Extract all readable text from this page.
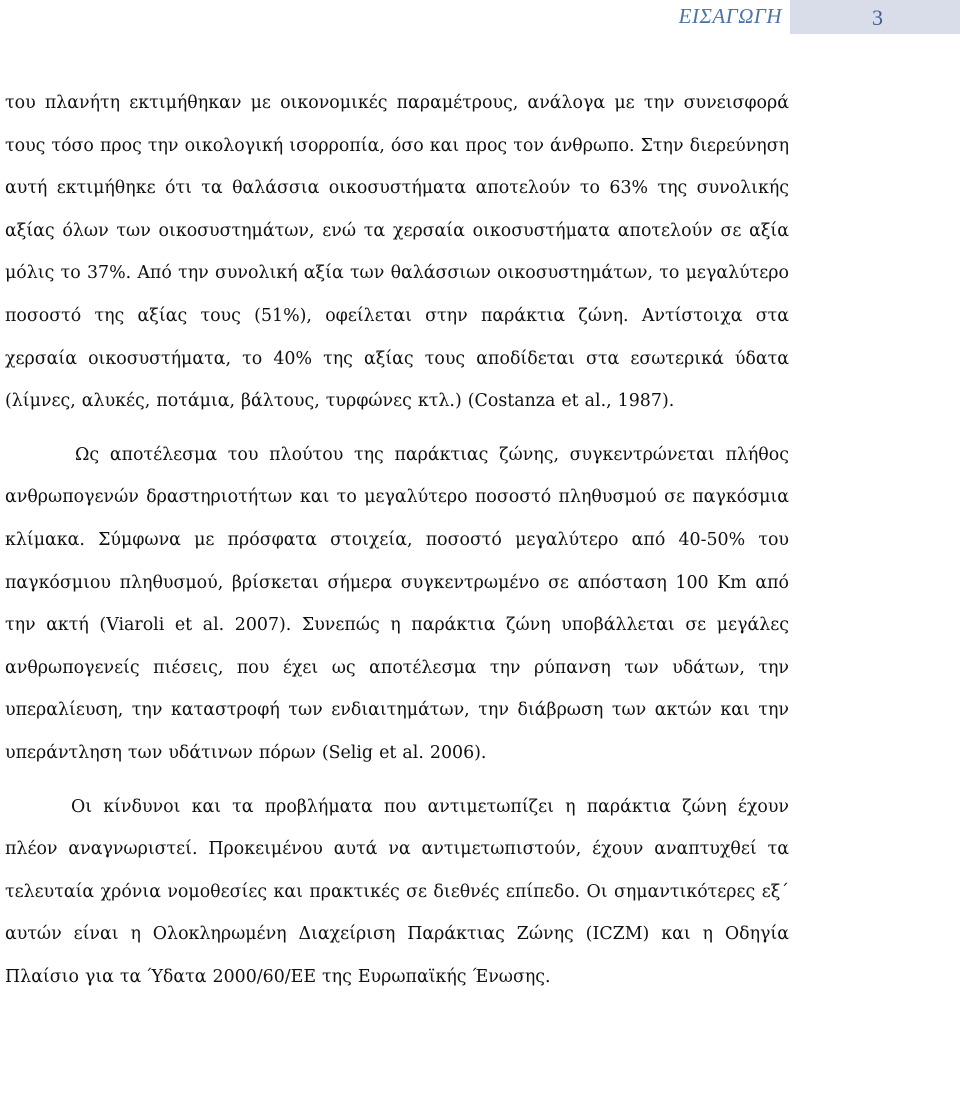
ΕΙΣΑΓΩΓΗ	3

του πλανήτη εκτιμήθηκαν με οικονομικές παραμέτρους, ανάλογα με την συνεισφορά τους τόσο προς την οικολογική ισορροπία, όσο και προς τον άνθρωπο. Στην διερεύνηση αυτή εκτιμήθηκε ότι τα θαλάσσια οικοσυστήματα αποτελούν το 63% της συνολικής αξίας όλων των οικοσυστημάτων, ενώ τα χερσαία οικοσυστήματα αποτελούν σε αξία μόλις το 37%. Από την συνολική αξία των θαλάσσιων οικοσυστημάτων, το μεγαλύτερο ποσοστό της αξίας τους (51%), οφείλεται στην παράκτια ζώνη. Αντίστοιχα στα χερσαία οικοσυστήματα, το 40% της αξίας τους αποδίδεται στα εσωτερικά ύδατα (λίμνες, αλυκές, ποτάμια, βάλτους, τυρφώνες κτλ.) (Costanza et al., 1987).

Ως αποτέλεσμα του πλούτου της παράκτιας ζώνης, συγκεντρώνεται πλήθος ανθρωπογενών δραστηριοτήτων και το μεγαλύτερο ποσοστό πληθυσμού σε παγκόσμια κλίμακα. Σύμφωνα με πρόσφατα στοιχεία, ποσοστό μεγαλύτερο από 40-50% του παγκόσμιου πληθυσμού, βρίσκεται σήμερα συγκεντρωμένο σε απόσταση 100 Km από την ακτή (Viaroli et al. 2007). Συνεπώς η παράκτια ζώνη υποβάλλεται σε μεγάλες ανθρωπογενείς πιέσεις, που έχει ως αποτέλεσμα την ρύπανση των υδάτων, την υπεραλίευση, την καταστροφή των ενδιαιτημάτων, την διάβρωση των ακτών και την υπεράντληση των υδάτινων πόρων (Selig et al. 2006).

Οι κίνδυνοι και τα προβλήματα που αντιμετωπίζει η παράκτια ζώνη έχουν πλέον αναγνωριστεί. Προκειμένου αυτά να αντιμετωπιστούν, έχουν αναπτυχθεί τα τελευταία χρόνια νομοθεσίες και πρακτικές σε διεθνές επίπεδο. Οι σημαντικότερες εξ΄ αυτών είναι η Ολοκληρωμένη Διαχείριση Παράκτιας Ζώνης (ICZM) και η Οδηγία Πλαίσιο για τα Ύδατα 2000/60/ΕΕ της Ευρωπαϊκής Ένωσης.
